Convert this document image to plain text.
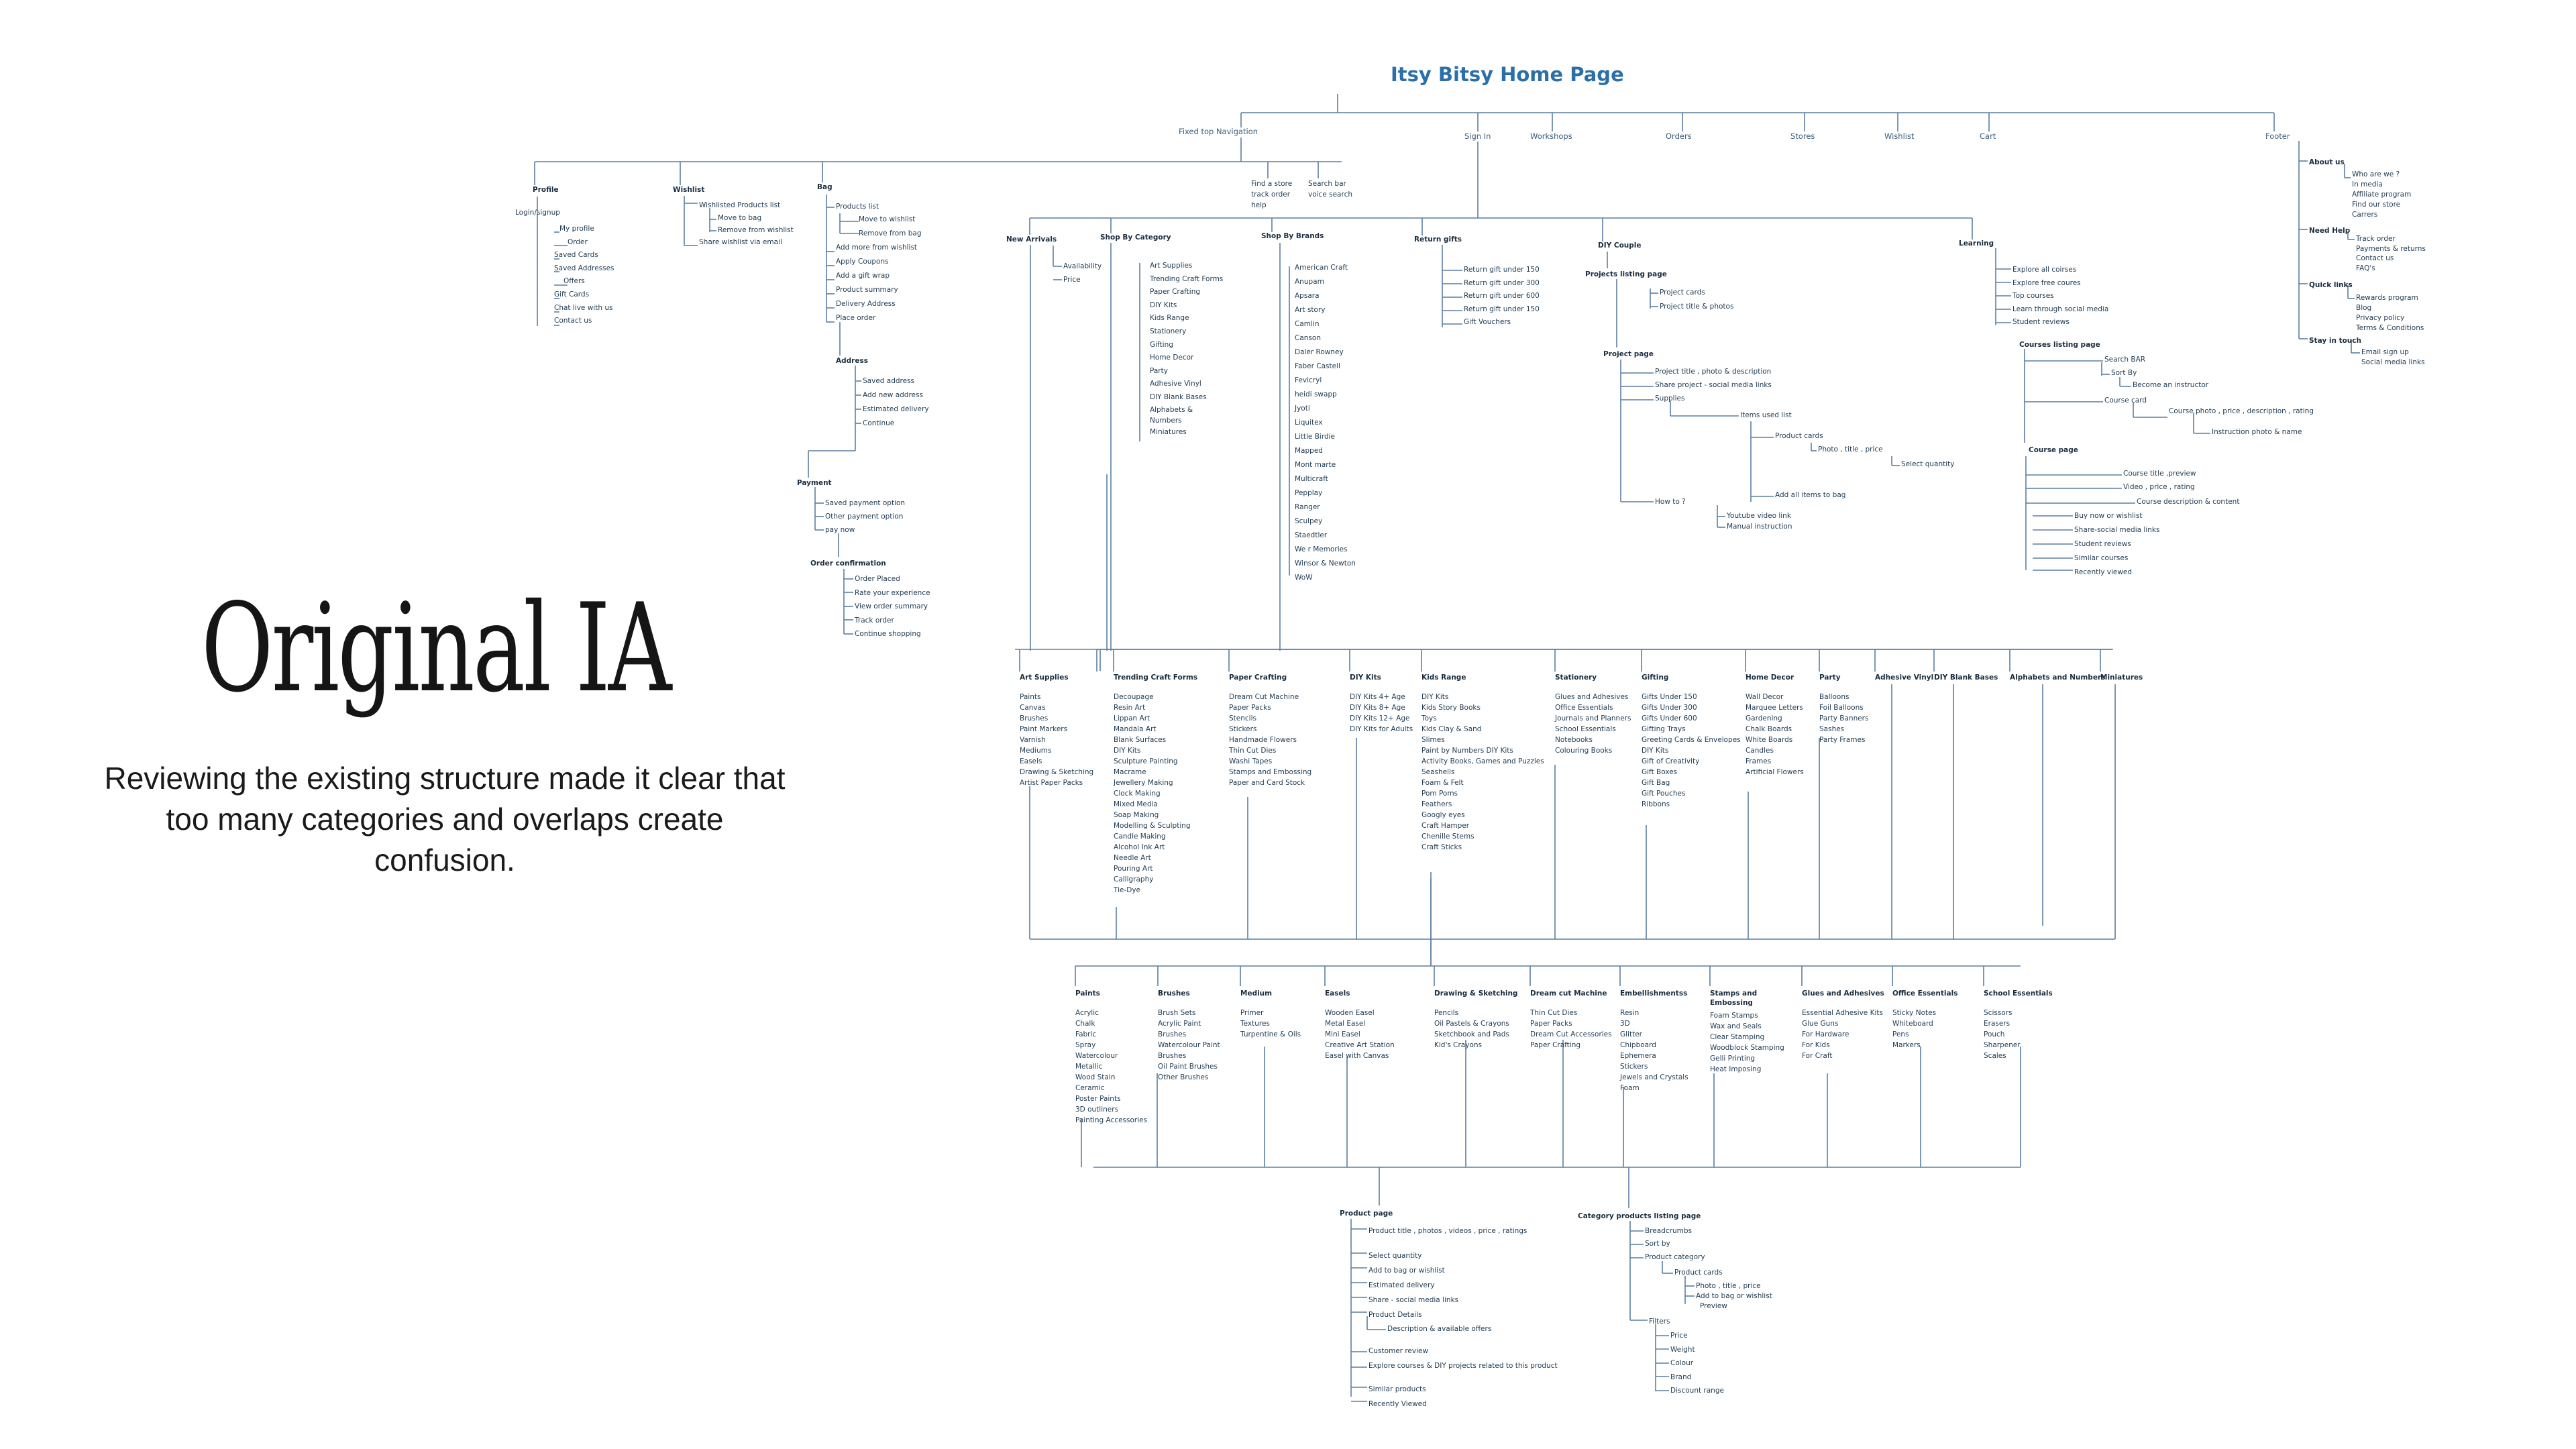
Itsy Bitsy Home Page
Fixed top Navigation	Sign In	Workshops	Orders	Stores	Wishlist	Cart	Footer
Profile
Login/signup
My profile
Order
Saved Cards
Saved Addresses
Offers
Gift Cards
Chat live with us
Contact us
Wishlist
Wishlisted Products list
Move to bag
Remove from wishlist
Share wishlist via email
Bag
Products list
Move to wishlist
Remove from bag
Add more from wishlist
Apply Coupons
Add a gift wrap
Product summary
Delivery Address
Place order
Address
Saved address
Add new address
Estimated delivery
Continue
Payment
Saved payment option
Other payment option
pay now
Order confirmation
Order Placed
Rate your experience
View order summary
Track order
Continue shopping
Find a store
track order
help
Search bar
voice search
New Arrivals
Availability
Price
Shop By Category
Art Supplies
Trending Craft Forms
Paper Crafting
DIY Kits
Kids Range
Stationery
Gifting
Home Decor
Party
Adhesive Vinyl
DIY Blank Bases
Alphabets &
Numbers
Miniatures
Shop By Brands
American Craft
Anupam
Apsara
Art story
Camlin
Canson
Daler Rowney
Faber Castell
Fevicryl
heidi swapp
Jyoti
Liquitex
Little Birdie
Mapped
Mont marte
Multicraft
Pepplay
Ranger
Sculpey
Staedtler
We r Memories
Winsor & Newton
WoW
Return gifts
Return gift under 150
Return gift under 300
Return gift under 600
Return gift under 150
Gift Vouchers
DIY Couple
Projects listing page
Project cards
Project title & photos
Project page
Project title , photo & description
Share project - social media links
Supplies
Items used list
Product cards
Photo , title , price
Select quantity
Add all items to bag
How to ?
Youtube video link
Manual instruction
Learning
Explore all coirses
Explore free coures
Top courses
Learn through social media
Student reviews
Courses listing page
Search BAR
Sort By
Become an instructor
Course card
Course photo , price , description , rating
Instruction photo & name
Course page
Course title ,preview
Video , price , rating
Course description & content
Buy now or wishlist
Share-social media links
Student reviews
Similar courses
Recently viewed
About us
Who are we ?
In media
Affiliate program
Find our store
Carrers
Need Help
Track order
Payments & returns
Contact us
FAQ's
Quick links
Rewards program
Blog
Privacy policy
Terms & Conditions
Stay in touch
Email sign up
Social media links
Art Supplies
Paints
Canvas
Brushes
Paint Markers
Varnish
Mediums
Easels
Drawing & Sketching
Artist Paper Packs
Trending Craft Forms
Decoupage
Resin Art
Lippan Art
Mandala Art
Blank Surfaces
DIY Kits
Sculpture Painting
Macrame
Jewellery Making
Clock Making
Mixed Media
Soap Making
Modelling & Sculpting
Candle Making
Alcohol Ink Art
Needle Art
Pouring Art
Calligraphy
Tie-Dye
Paper Crafting
Dream Cut Machine
Paper Packs
Stencils
Stickers
Handmade Flowers
Thin Cut Dies
Washi Tapes
Stamps and Embossing
Paper and Card Stock
DIY Kits
DIY Kits 4+ Age
DIY Kits 8+ Age
DIY Kits 12+ Age
DIY Kits for Adults
Kids Range
DIY Kits
Kids Story Books
Toys
Kids Clay & Sand
Slimes
Paint by Numbers DIY Kits
Activity Books, Games and Puzzles
Seashells
Foam & Felt
Pom Poms
Feathers
Googly eyes
Craft Hamper
Chenille Stems
Craft Sticks
Stationery
Glues and Adhesives
Office Essentials
Journals and Planners
School Essentials
Notebooks
Colouring Books
Gifting
Gifts Under 150
Gifts Under 300
Gifts Under 600
Gifting Trays
Greeting Cards & Envelopes
DIY Kits
Gift of Creativity
Gift Boxes
Gift Bag
Gift Pouches
Ribbons
Home Decor
Wall Decor
Marquee Letters
Gardening
Chalk Boards
White Boards
Candles
Frames
Artificial Flowers
Party
Balloons
Foil Balloons
Party Banners
Sashes
Party Frames
Adhesive Vinyl DIY Blank Bases Alphabets and Numbers
Miniatures
Paints
Acrylic
Chalk
Fabric
Spray
Watercolour
Metallic
Wood Stain
Ceramic
Poster Paints
3D outliners
Painting Accessories
Brushes
Brush Sets
Acrylic Paint
Brushes
Watercolour Paint
Brushes
Oil Paint Brushes
Other Brushes
Medium
Primer
Textures
Turpentine & Oils
Easels
Wooden Easel
Metal Easel
Mini Easel
Creative Art Station
Easel with Canvas
Drawing & Sketching
Pencils
Oil Pastels & Crayons
Sketchbook and Pads
Kid's Crayons
Dream cut Machine
Thin Cut Dies
Paper Packs
Dream Cut Accessories
Paper Crafting
Embellishmentss
Resin
3D
Glitter
Chipboard
Ephemera
Stickers
Jewels and Crystals
Foam
Stamps and
Embossing
Foam Stamps
Wax and Seals
Clear Stamping
Woodblock Stamping
Gelli Printing
Heat Imposing
Glues and Adhesives
Essential Adhesive Kits
Glue Guns
For Hardware
For Kids
For Craft
Office Essentials
Sticky Notes
Whiteboard
Pens
Markers
School Essentials
Scissors
Erasers
Pouch
Sharpener
Scales
Product page
Product title , photos , videos , price , ratings
Select quantity
Add to bag or wishlist
Estimated delivery
Share - social media links
Product Details
Description & available offers
Customer review
Explore courses & DIY projects related to this product
Similar products
Recently Viewed
Category products listing page
Breadcrumbs
Sort by
Product category
Product cards
Photo , title , price
Add to bag or wishlist
Preview
Filters
Price
Weight
Colour
Brand
Discount range
Original IA
Reviewing the existing structure made it clear that too many categories and overlaps create confusion.
